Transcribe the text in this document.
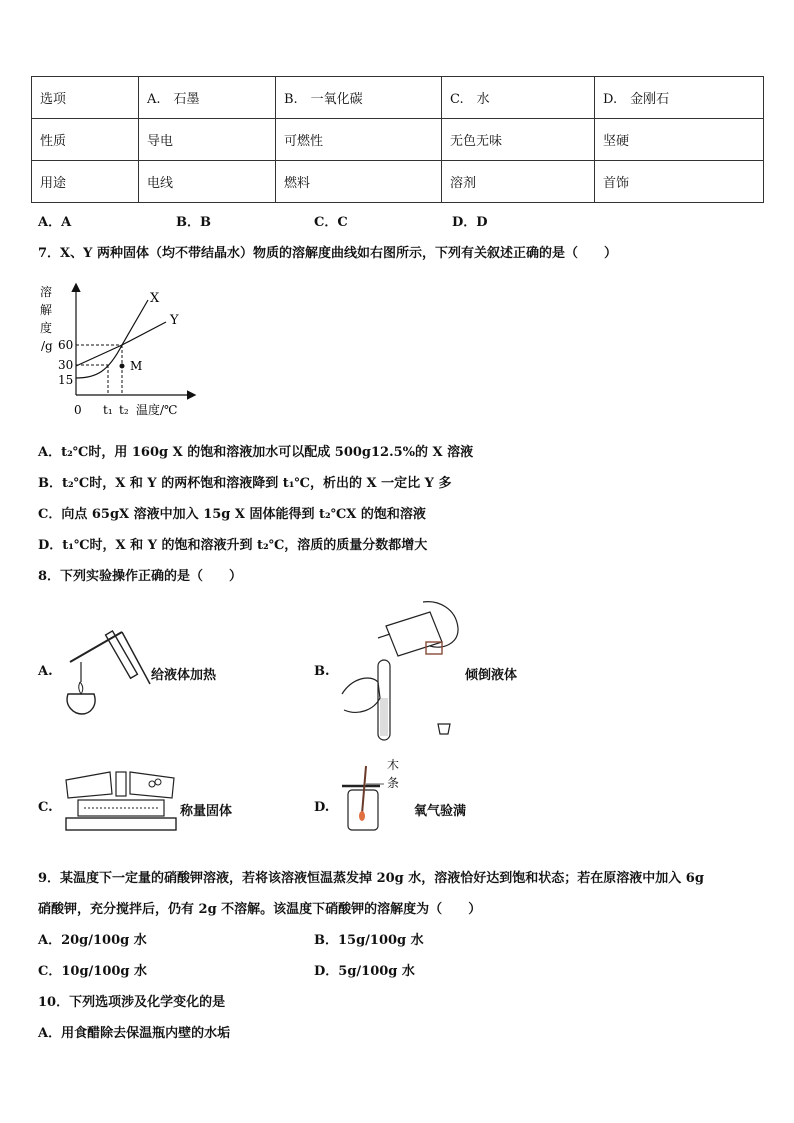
选项	A.　石墨	B.　一氧化碳	C.　水	D.　金刚石
性质	导电	可燃性	无色无味	坚硬
用途	电线	燃料	溶剂	首饰
A．A	B．B	C．C	D．D
7．X、Y 两种固体（均不带结晶水）物质的溶解度曲线如右图所示，下列有关叙述正确的是（　　）
溶
解
度
/g 60
30
15
0 t₁ t₂ 温度/℃
X
Y
M
A．t₂℃时，用 160g X 的饱和溶液加水可以配成 500g12.5%的 X 溶液
B．t₂℃时，X 和 Y 的两杯饱和溶液降到 t₁℃，析出的 X 一定比 Y 多
C．向点 65gX 溶液中加入 15g X 固体能得到 t₂℃X 的饱和溶液
D．t₁℃时，X 和 Y 的饱和溶液升到 t₂℃，溶质的质量分数都增大
8．下列实验操作正确的是（　　）
A.	给液体加热	B.	倾倒液体
C.	称量固体	D.
木
条
氧气验满
9．某温度下一定量的硝酸钾溶液，若将该溶液恒温蒸发掉 20g 水，溶液恰好达到饱和状态；若在原溶液中加入 6g
硝酸钾，充分搅拌后，仍有 2g 不溶解。该温度下硝酸钾的溶解度为（　　）
A．20g/100g 水	B．15g/100g 水
C．10g/100g 水	D．5g/100g 水
10．下列选项涉及化学变化的是
A．用食醋除去保温瓶内壁的水垢
